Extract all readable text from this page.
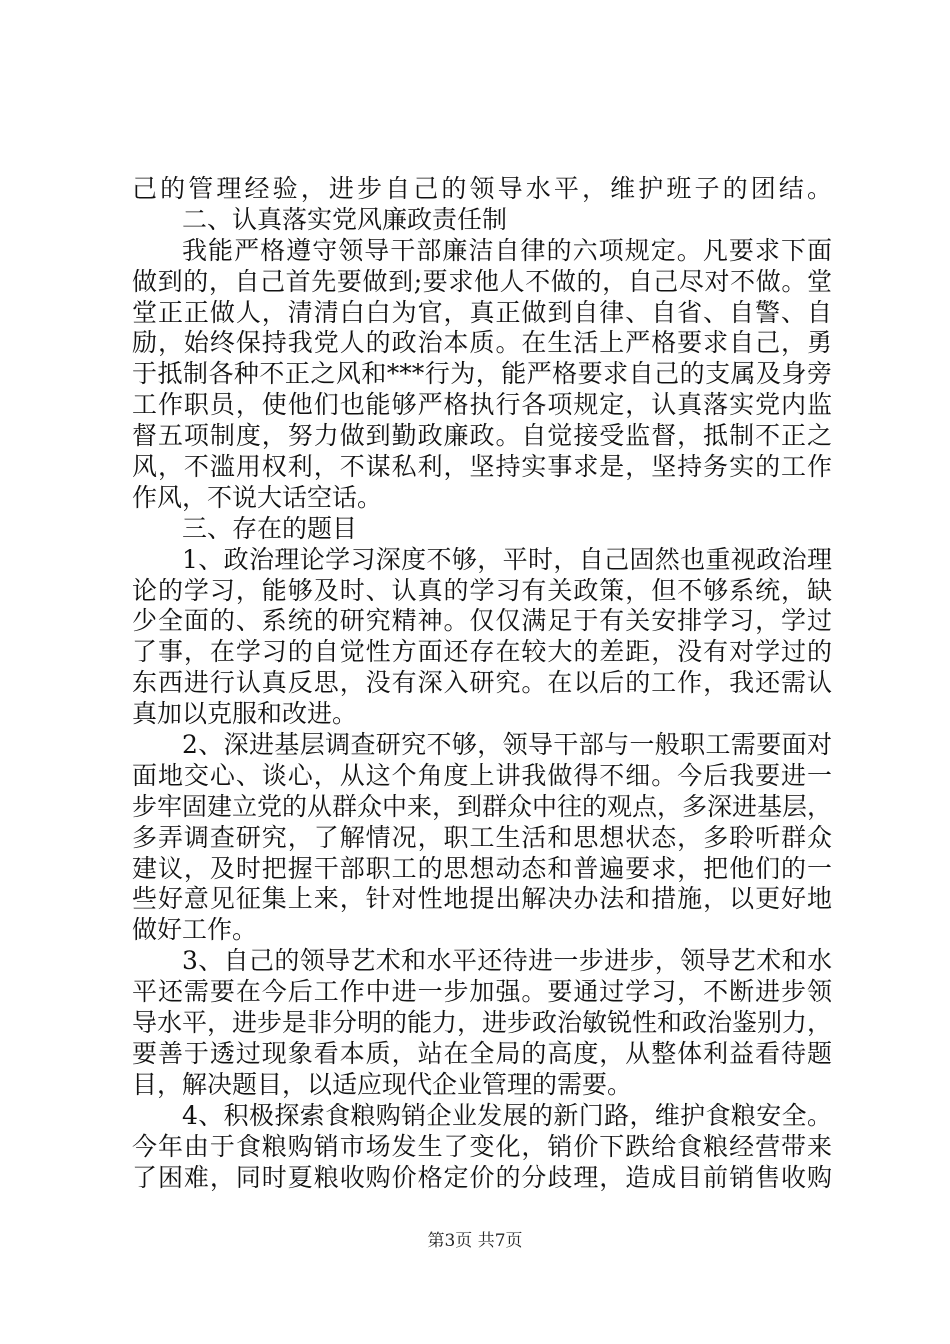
己的管理经验，进步自己的领导水平，维护班子的团结。
二、认真落实党风廉政责任制
我能严格遵守领导干部廉洁自律的六项规定。凡要求下面
做到的，自己首先要做到;要求他人不做的，自己尽对不做。堂
堂正正做人，清清白白为官，真正做到自律、自省、自警、自
励，始终保持我党人的政治本质。在生活上严格要求自己，勇
于抵制各种不正之风和***行为，能严格要求自己的支属及身旁
工作职员，使他们也能够严格执行各项规定，认真落实党内监
督五项制度，努力做到勤政廉政。自觉接受监督，抵制不正之
风，不滥用权利，不谋私利，坚持实事求是，坚持务实的工作
作风，不说大话空话。
三、存在的题目
1、政治理论学习深度不够，平时，自己固然也重视政治理
论的学习，能够及时、认真的学习有关政策，但不够系统，缺
少全面的、系统的研究精神。仅仅满足于有关安排学习，学过
了事，在学习的自觉性方面还存在较大的差距，没有对学过的
东西进行认真反思，没有深入研究。在以后的工作，我还需认
真加以克服和改进。
2、深进基层调查研究不够，领导干部与一般职工需要面对
面地交心、谈心，从这个角度上讲我做得不细。今后我要进一
步牢固建立党的从群众中来，到群众中往的观点，多深进基层，
多弄调查研究，了解情况，职工生活和思想状态，多聆听群众
建议，及时把握干部职工的思想动态和普遍要求，把他们的一
些好意见征集上来，针对性地提出解决办法和措施，以更好地
做好工作。
3、自己的领导艺术和水平还待进一步进步，领导艺术和水
平还需要在今后工作中进一步加强。要通过学习，不断进步领
导水平，进步是非分明的能力，进步政治敏锐性和政治鉴别力，
要善于透过现象看本质，站在全局的高度，从整体利益看待题
目，解决题目，以适应现代企业管理的需要。
4、积极探索食粮购销企业发展的新门路，维护食粮安全。
今年由于食粮购销市场发生了变化，销价下跌给食粮经营带来
了困难，同时夏粮收购价格定价的分歧理，造成目前销售收购
第3页 共7页
